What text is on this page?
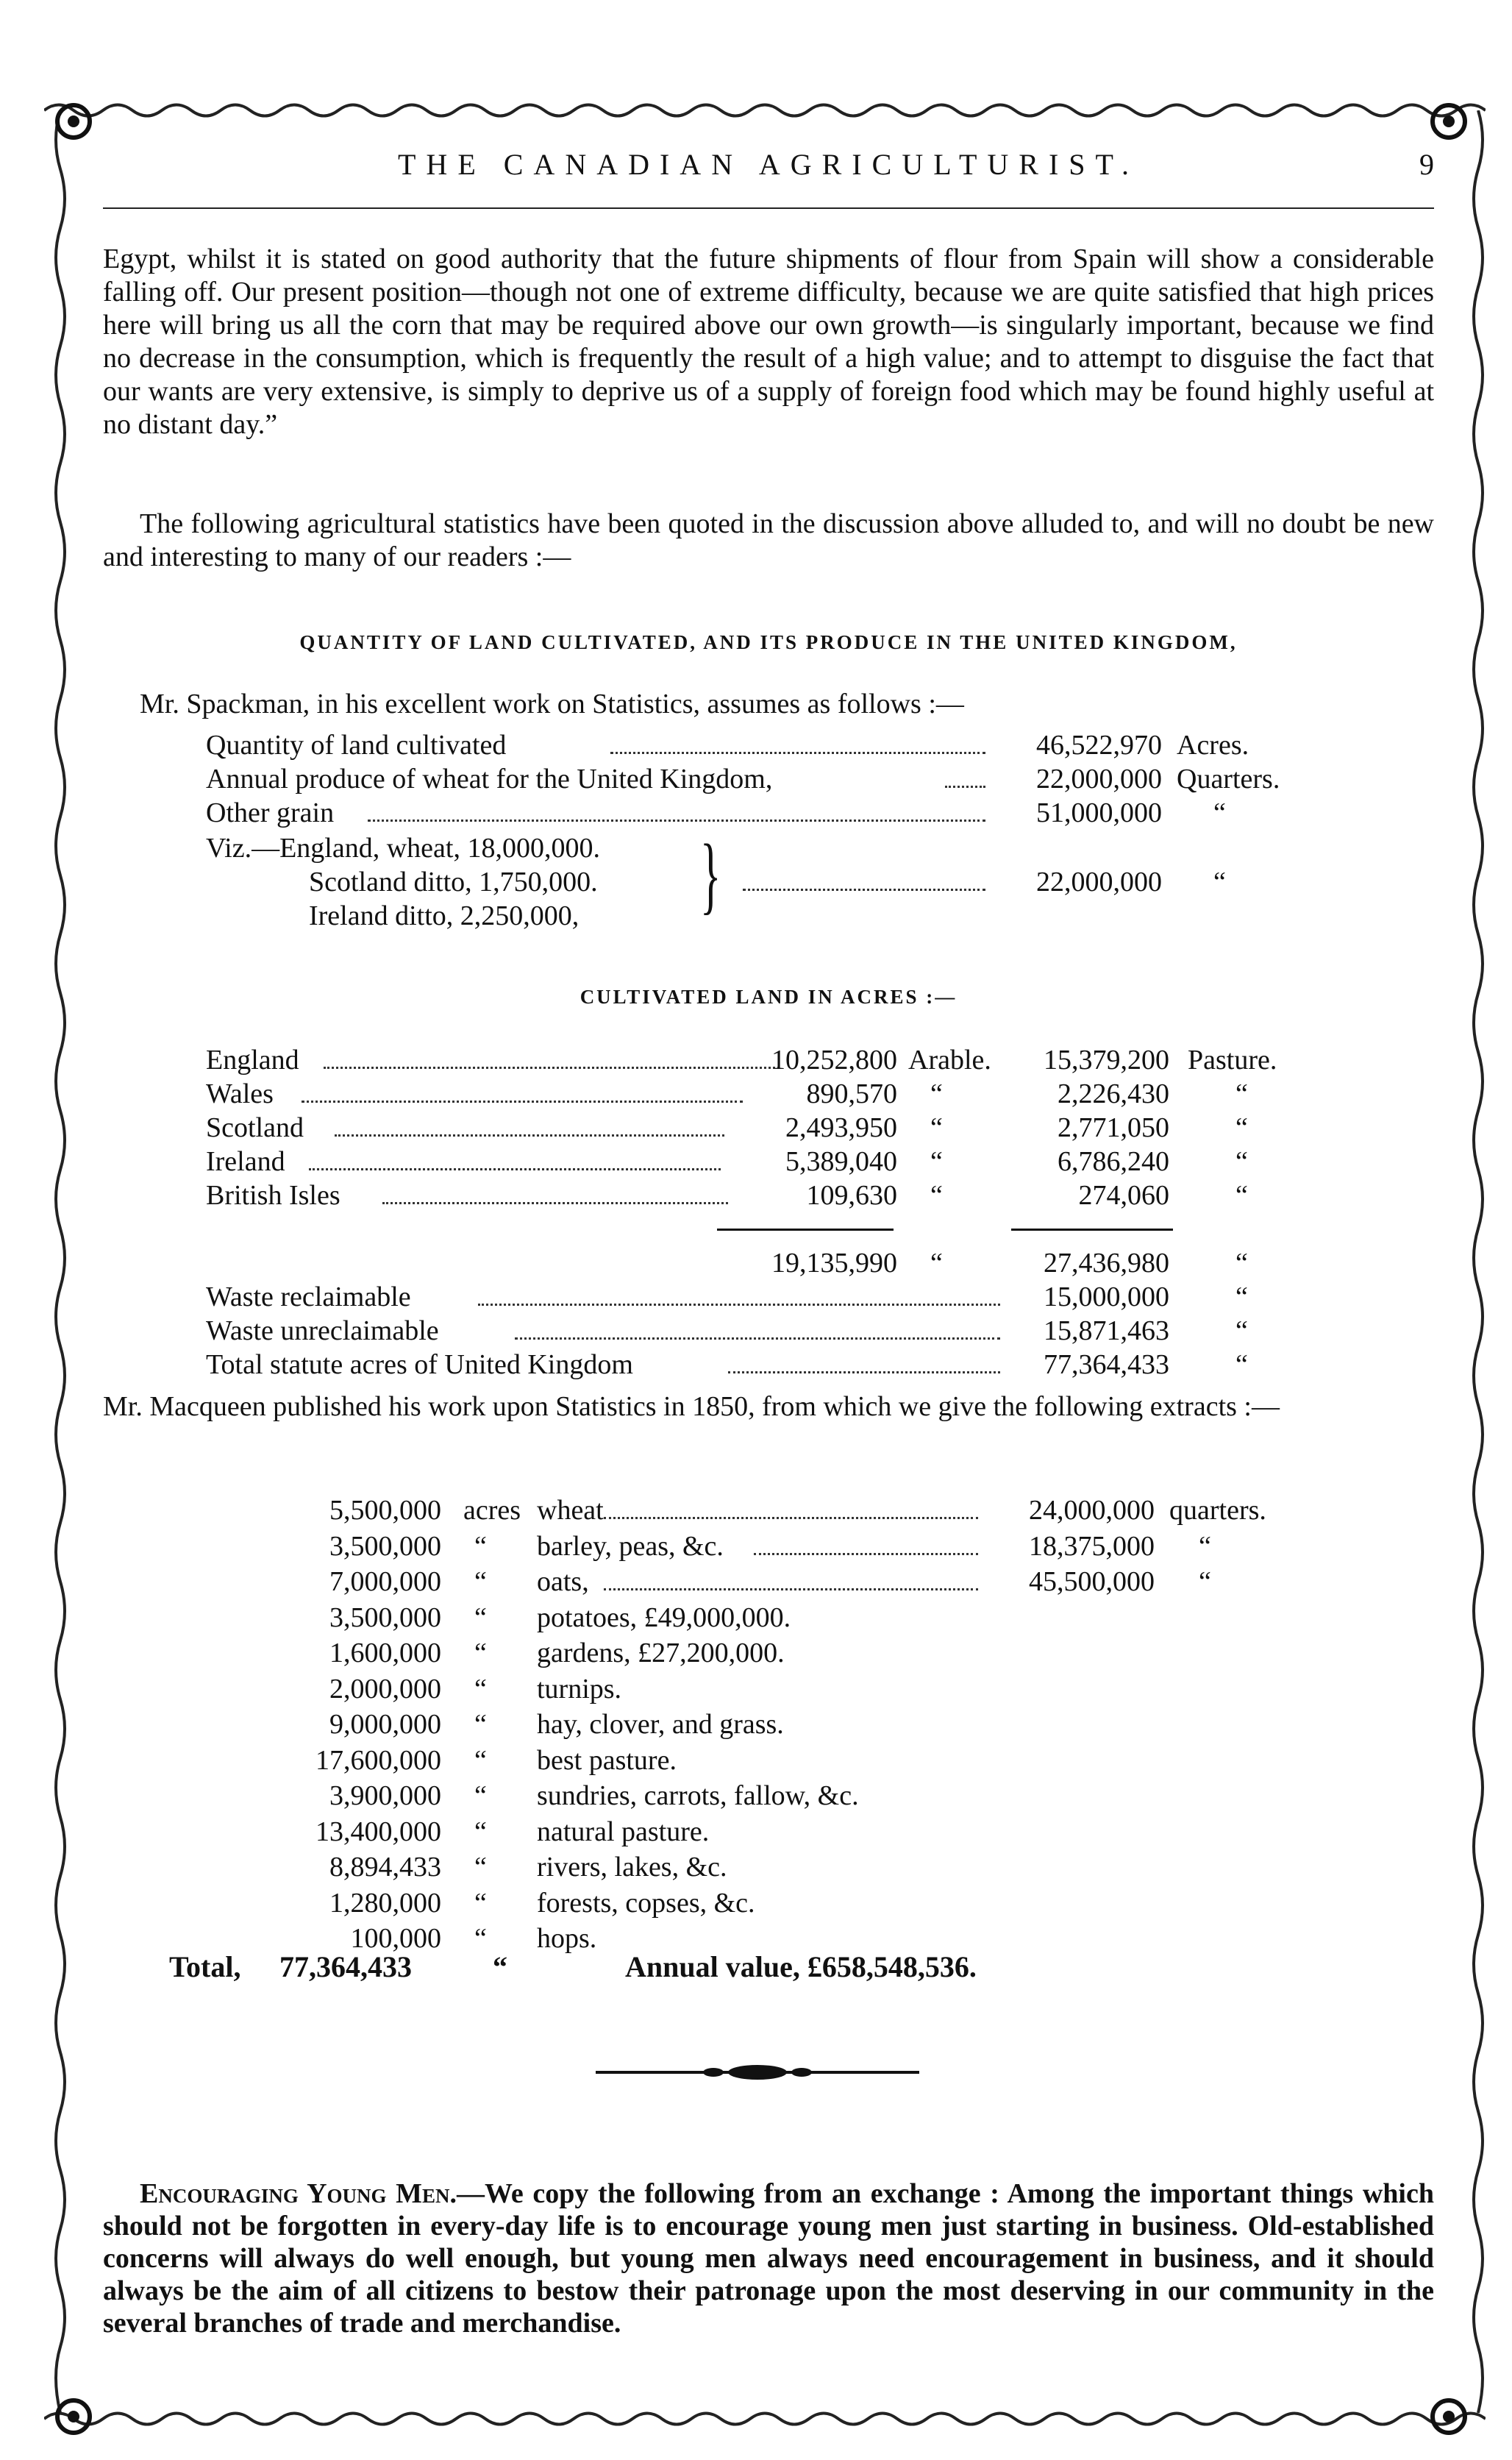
THE CANADIAN AGRICULTURIST.	9
Egypt, whilst it is stated on good authority that the future shipments of flour from Spain will show a considerable falling off. Our present position—though not one of extreme difficulty, because we are quite satisfied that high prices here will bring us all the corn that may be required above our own growth—is singularly important, because we find no decrease in the consumption, which is frequently the result of a high value; and to attempt to disguise the fact that our wants are very extensive, is simply to deprive us of a supply of foreign food which may be found highly useful at no distant day.”
The following agricultural statistics have been quoted in the discussion above alluded to, and will no doubt be new and interesting to many of our readers :—
QUANTITY OF LAND CULTIVATED, AND ITS PRODUCE IN THE UNITED KINGDOM,
Mr. Spackman, in his excellent work on Statistics, assumes as follows :—
Quantity of land cultivated	46,522,970 Acres.
Annual produce of wheat for the United Kingdom,	22,000,000 Quarters.
Other grain	51,000,000 “
Viz.—England, wheat, 18,000,000.
Scotland ditto, 1,750,000.
Ireland ditto, 2,250,000, }	22,000,000 “
CULTIVATED LAND IN ACRES :—
England	10,252,800 Arable.	15,379,200 Pasture.
Wales	890,570 “	2,226,430 “
Scotland	2,493,950 “	2,771,050 “
Ireland	5,389,040 “	6,786,240 “
British Isles	109,630 “	274,060 “
19,135,990 “	27,436,980 “
Waste reclaimable	15,000,000 “
Waste unreclaimable	15,871,463 “
Total statute acres of United Kingdom	77,364,433 “
Mr. Macqueen published his work upon Statistics in 1850, from which we give the following extracts :—
5,500,000 acres wheat	24,000,000 quarters.
3,500,000 “	barley, peas, &c.	18,375,000 “
7,000,000 “	oats,	45,500,000 “
3,500,000 “	potatoes, £49,000,000.
1,600,000 “	gardens, £27,200,000.
2,000,000 “	turnips.
9,000,000 “	hay, clover, and grass.
17,600,000 “	best pasture.
3,900,000 “	sundries, carrots, fallow, &c.
13,400,000 “	natural pasture.
8,894,433 “	rivers, lakes, &c.
1,280,000 “	forests, copses, &c.
100,000 “	hops.
Total, 77,364,433	“	Annual value, £658,548,536.
Encouraging Young Men.—We copy the following from an exchange : Among the important things which should not be forgotten in every-day life is to encourage young men just starting in business. Old-established concerns will always do well enough, but young men always need encouragement in business, and it should always be the aim of all citizens to bestow their patronage upon the most deserving in our community in the several branches of trade and merchandise.
